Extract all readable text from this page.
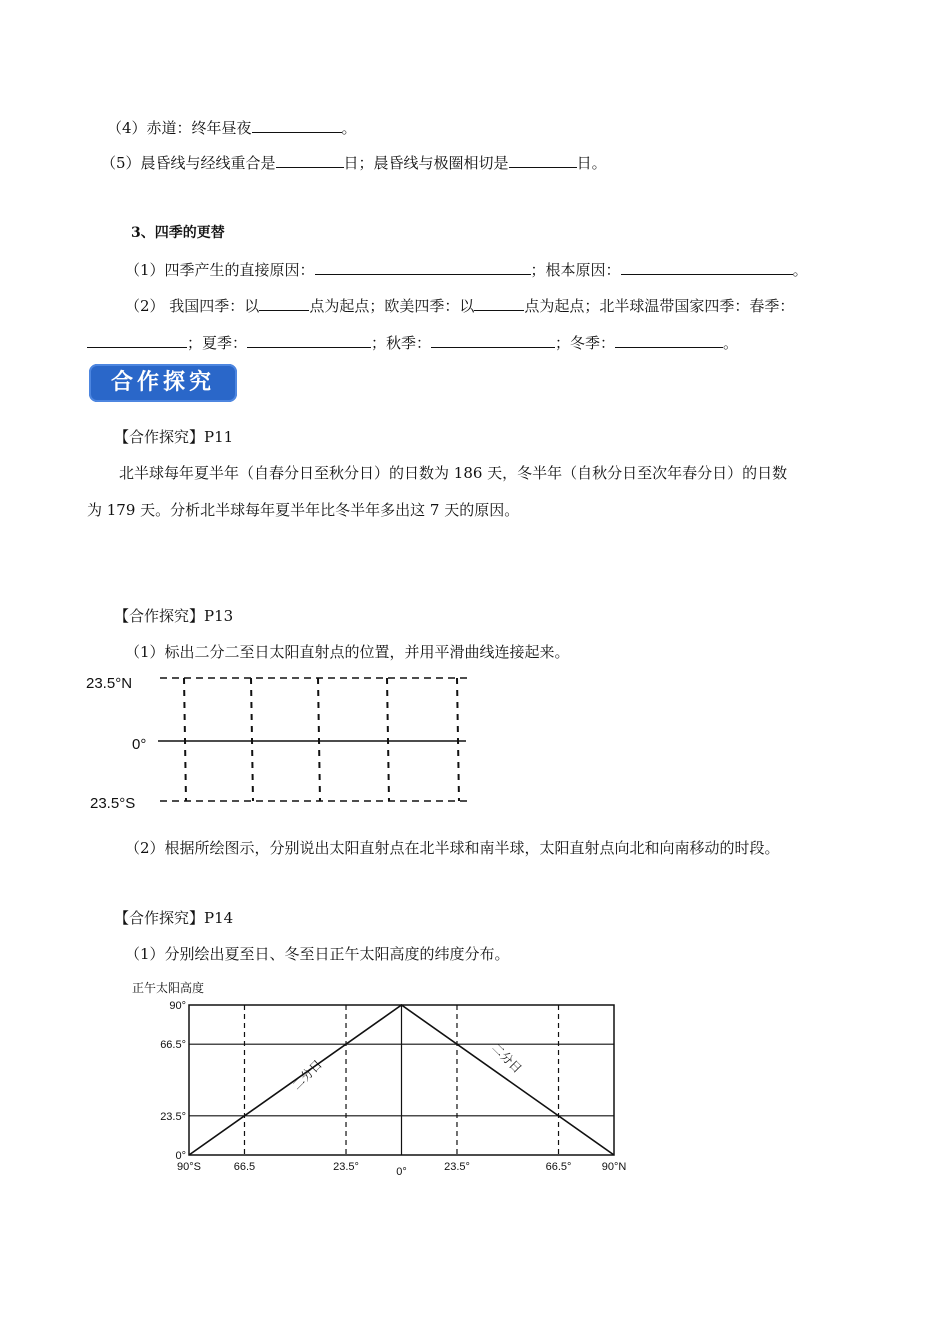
（4）赤道：终年昼夜	。
（5）晨昏线与经线重合是	日；晨昏线与极圈相切是	日。
3、四季的更替
（1）四季产生的直接原因：	；根本原因：	。
（2） 我国四季：以	点为起点；欧美四季：以	点为起点；北半球温带国家四季：春季：
；夏季：	；秋季：	；冬季：	。
合作探究
【合作探究】P11
北半球每年夏半年（自春分日至秋分日）的日数为 186 天，冬半年（自秋分日至次年春分日）的日数
为 179 天。分析北半球每年夏半年比冬半年多出这 7 天的原因。
【合作探究】P13
（1）标出二分二至日太阳直射点的位置，并用平滑曲线连接起来。
23.5°N
0°
23.5°S
（2）根据所绘图示，分别说出太阳直射点在北半球和南半球，太阳直射点向北和向南移动的时段。
【合作探究】P14
（1）分别绘出夏至日、冬至日正午太阳高度的纬度分布。
正午太阳高度
二分日	二分日
90°
66.5°
23.5°
0°
90°S	66.5	23.5°	0°	23.5°	66.5°	90°N
